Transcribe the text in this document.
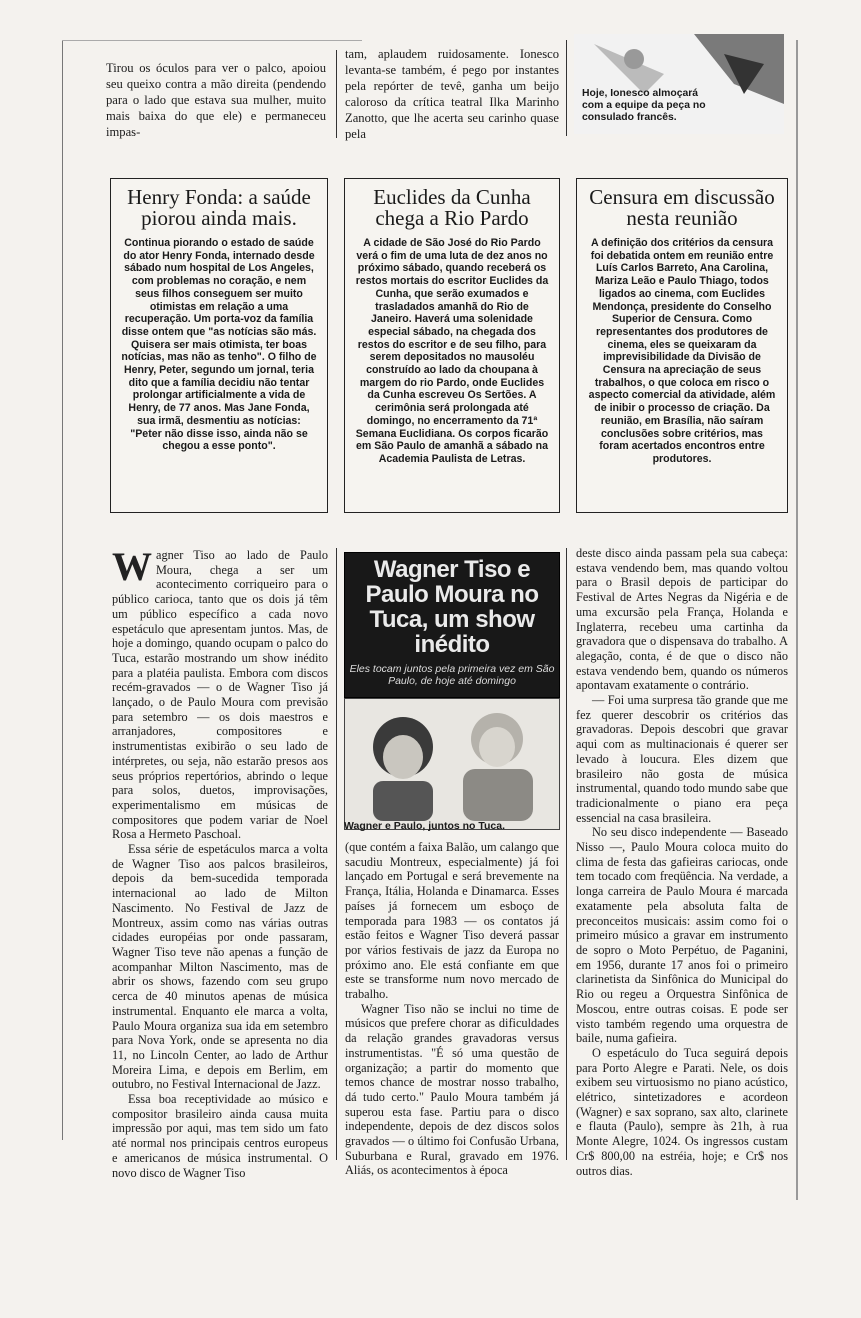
Tirou os óculos para ver o palco, apoiou seu queixo contra a mão direita (pendendo para o lado que estava sua mulher, muito mais baixa do que ele) e permaneceu impas-
tam, aplaudem ruidosamente. Ionesco levanta-se também, é pego por instantes pela repórter de tevê, ganha um beijo caloroso da crítica teatral Ilka Marinho Zanotto, que lhe acerta seu carinho quase pela
Hoje, Ionesco almoçará com a equipe da peça no consulado francês.
Henry Fonda: a saúde piorou ainda mais.
Continua piorando o estado de saúde do ator Henry Fonda, internado desde sábado num hospital de Los Angeles, com problemas no coração, e nem seus filhos conseguem ser muito otimistas em relação a uma recuperação. Um porta-voz da família disse ontem que "as notícias são más. Quisera ser mais otimista, ter boas notícias, mas não as tenho". O filho de Henry, Peter, segundo um jornal, teria dito que a família decidiu não tentar prolongar artificialmente a vida de Henry, de 77 anos. Mas Jane Fonda, sua irmã, desmentiu as notícias: "Peter não disse isso, ainda não se chegou a esse ponto".
Euclides da Cunha chega a Rio Pardo
A cidade de São José do Rio Pardo verá o fim de uma luta de dez anos no próximo sábado, quando receberá os restos mortais do escritor Euclides da Cunha, que serão exumados e trasladados amanhã do Rio de Janeiro. Haverá uma solenidade especial sábado, na chegada dos restos do escritor e de seu filho, para serem depositados no mausoléu construído ao lado da choupana à margem do rio Pardo, onde Euclides da Cunha escreveu Os Sertões. A cerimônia será prolongada até domingo, no encerramento da 71ª Semana Euclidiana. Os corpos ficarão em São Paulo de amanhã a sábado na Academia Paulista de Letras.
Censura em discussão nesta reunião
A definição dos critérios da censura foi debatida ontem em reunião entre Luís Carlos Barreto, Ana Carolina, Mariza Leão e Paulo Thiago, todos ligados ao cinema, com Euclides Mendonça, presidente do Conselho Superior de Censura. Como representantes dos produtores de cinema, eles se queixaram da imprevisibilidade da Divisão de Censura na apreciação de seus trabalhos, o que coloca em risco o aspecto comercial da atividade, além de inibir o processo de criação. Da reunião, em Brasília, não saíram conclusões sobre critérios, mas foram acertados encontros entre produtores.
W agner Tiso ao lado de Paulo Moura, chega a ser um acontecimento corriqueiro para o público carioca, tanto que os dois já têm um público específico a cada novo espetáculo que apresentam juntos. Mas, de hoje a domingo, quando ocupam o palco do Tuca, estarão mostrando um show inédito para a platéia paulista. Embora com discos recém-gravados — o de Wagner Tiso já lançado, o de Paulo Moura com previsão para setembro — os dois maestros e arranjadores, compositores e instrumentistas exibirão o seu lado de intérpretes, ou seja, não estarão presos aos seus próprios repertórios, abrindo o leque para solos, duetos, improvisações, experimentalismo em músicas de compositores que podem variar de Noel Rosa a Hermeto Paschoal.
Essa série de espetáculos marca a volta de Wagner Tiso aos palcos brasileiros, depois da bem-sucedida temporada internacional ao lado de Milton Nascimento. No Festival de Jazz de Montreux, assim como nas várias outras cidades européias por onde passaram, Wagner Tiso teve não apenas a função de acompanhar Milton Nascimento, mas de abrir os shows, fazendo com seu grupo cerca de 40 minutos apenas de música instrumental. Enquanto ele marca a volta, Paulo Moura organiza sua ida em setembro para Nova York, onde se apresenta no dia 11, no Lincoln Center, ao lado de Arthur Moreira Lima, e depois em Berlim, em outubro, no Festival Internacional de Jazz.
Essa boa receptividade ao músico e compositor brasileiro ainda causa muita impressão por aqui, mas tem sido um fato até normal nos principais centros europeus e americanos de música instrumental. O novo disco de Wagner Tiso
Wagner Tiso e Paulo Moura no Tuca, um show inédito
Eles tocam juntos pela primeira vez em São Paulo, de hoje até domingo
Wagner e Paulo, juntos no Tuca.
(que contém a faixa Balão, um calango que sacudiu Montreux, especialmente) já foi lançado em Portugal e será brevemente na França, Itália, Holanda e Dinamarca. Esses países já fornecem um esboço de temporada para 1983 — os contatos já estão feitos e Wagner Tiso deverá passar por vários festivais de jazz da Europa no próximo ano. Ele está confiante em que este se transforme num novo mercado de trabalho.
Wagner Tiso não se inclui no time de músicos que prefere chorar as dificuldades da relação grandes gravadoras versus instrumentistas. "É só uma questão de organização; a partir do momento que temos chance de mostrar nosso trabalho, dá tudo certo." Paulo Moura também já superou esta fase. Partiu para o disco independente, depois de dez discos solos gravados — o último foi Confusão Urbana, Suburbana e Rural, gravado em 1976. Aliás, os acontecimentos à época
deste disco ainda passam pela sua cabeça: estava vendendo bem, mas quando voltou para o Brasil depois de participar do Festival de Artes Negras da Nigéria e de uma excursão pela França, Holanda e Inglaterra, recebeu uma cartinha da gravadora que o dispensava do trabalho. A alegação, conta, é de que o disco não estava vendendo bem, quando os números apontavam exatamente o contrário.
— Foi uma surpresa tão grande que me fez querer descobrir os critérios das gravadoras. Depois descobri que gravar aqui com as multinacionais é querer ser levado à loucura. Eles dizem que brasileiro não gosta de música instrumental, quando todo mundo sabe que tradicionalmente o piano era peça essencial na casa brasileira.
No seu disco independente — Baseado Nisso —, Paulo Moura coloca muito do clima de festa das gafieiras cariocas, onde tem tocado com freqüência. Na verdade, a longa carreira de Paulo Moura é marcada exatamente pela absoluta falta de preconceitos musicais: assim como foi o primeiro músico a gravar em instrumento de sopro o Moto Perpétuo, de Paganini, em 1956, durante 17 anos foi o primeiro clarinetista da Sinfônica do Municipal do Rio ou regeu a Orquestra Sinfônica de Moscou, entre outras coisas. E pode ser visto também regendo uma orquestra de baile, numa gafieira.
O espetáculo do Tuca seguirá depois para Porto Alegre e Parati. Nele, os dois exibem seu virtuosismo no piano acústico, elétrico, sintetizadores e acordeon (Wagner) e sax soprano, sax alto, clarinete e flauta (Paulo), sempre às 21h, à rua Monte Alegre, 1024. Os ingressos custam Cr$ 800,00 na estréia, hoje; e Cr$ nos outros dias.
